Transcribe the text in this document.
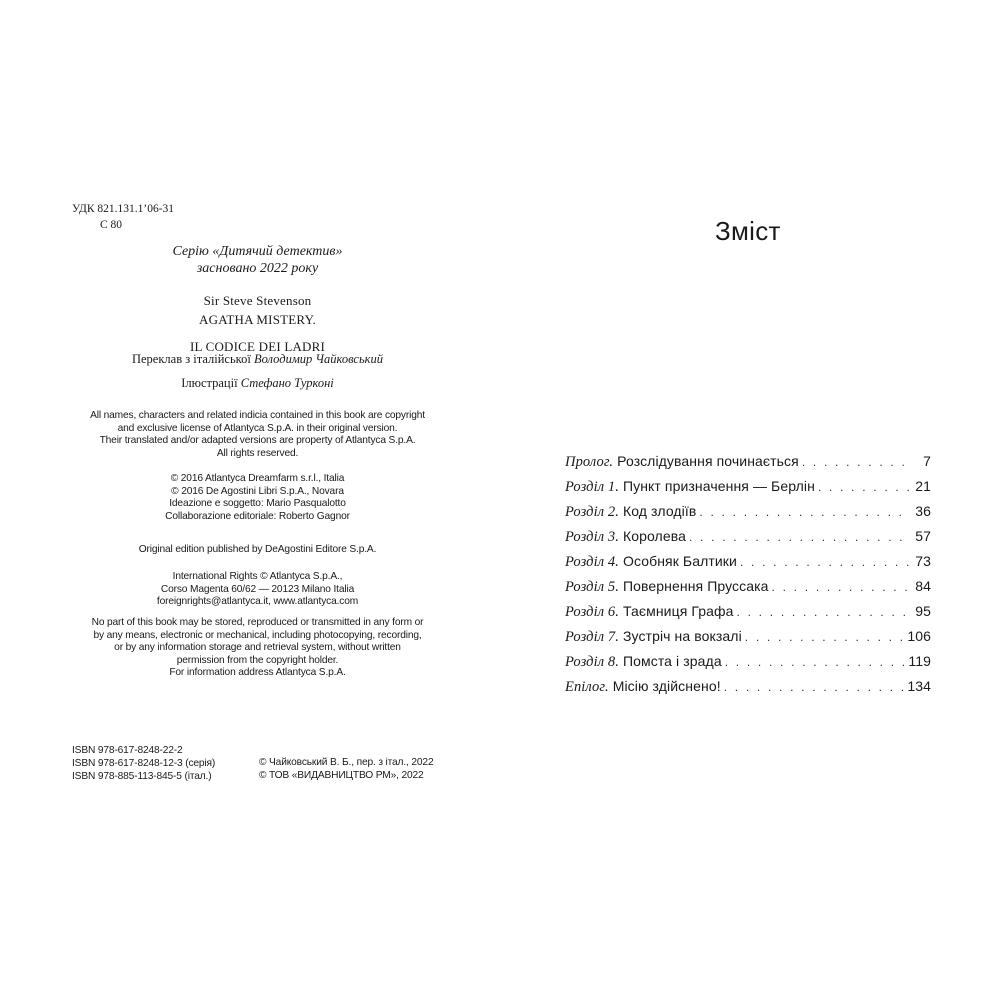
УДК 821.131.1’06-31
С 80

Серію «Дитячий детектив»

засновано 2022 року

Sir Steve Stevenson

AGATHA MISTERY.

IL CODICE DEI LADRI

Переклав з італійської Володимир Чайковський

Ілюстрації Стефано Турконі

All names, characters and related indicia contained in this book are copyright

and exclusive license of Atlantyca S.p.A. in their original version.

Their translated and/or adapted versions are property of Atlantyca S.p.A.

All rights reserved.

© 2016 Atlantyca Dreamfarm s.r.l., Italia

© 2016 De Agostini Libri S.p.A., Novara

Ideazione e soggetto: Mario Pasqualotto

Collaborazione editoriale: Roberto Gagnor

Original edition published by DeAgostini Editore S.p.A.

International Rights © Atlantyca S.p.A.,

Corso Magenta 60/62 — 20123 Milano Italia

foreignrights@atlantyca.it, www.atlantyca.com

No part of this book may be stored, reproduced or transmitted in any form or

by any means, electronic or mechanical, including photocopying, recording,

or by any information storage and retrieval system, without written

permission from the copyright holder.

For information address Atlantyca S.p.A.

ISBN 978-617-8248-22-2

ISBN 978-617-8248-12-3 (серія)

ISBN 978-885-113-845-5 (італ.)

© Чайковський В. Б., пер. з італ., 2022

© ТОВ «ВИДАВНИЦТВО РМ», 2022

Зміст
Пролог. Розслідування починається . . .	7
Розділ 1. Пункт призначення — Берлін . . .	21
Розділ 2. Код злодіїв . . .	36
Розділ 3. Королева . . .	57
Розділ 4. Особняк Балтики . . .	73
Розділ 5. Повернення Пруссака . . .	84
Розділ 6. Таємниця Графа . . .	95
Розділ 7. Зустріч на вокзалі . . .	106
Розділ 8. Помста і зрада . . .	119
Епілог. Місію здійснено! . . .	134
